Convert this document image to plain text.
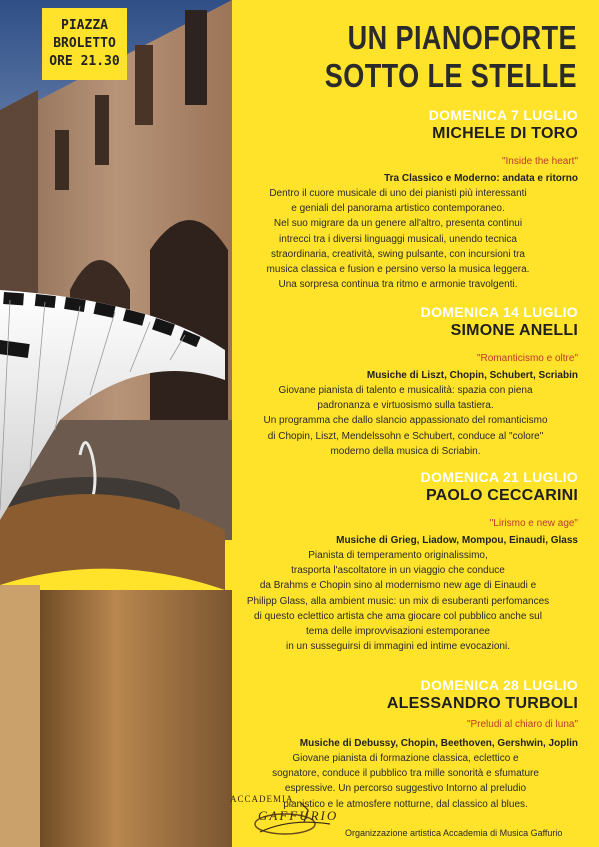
PIAZZA
BROLETTO
ORE 21.30
UN PIANOFORTE
SOTTO LE STELLE
DOMENICA 7 LUGLIO
MICHELE DI TORO
"Inside the heart"
Tra Classico e Moderno: andata e ritorno
Dentro il cuore musicale di uno dei pianisti più interessanti
e geniali del panorama artistico contemporaneo.
Nel suo migrare da un genere all'altro, presenta continui
intrecci tra i diversi linguaggi musicali, unendo tecnica
straordinaria, creatività, swing pulsante, con incursioni tra
musica classica e fusion e persino verso la musica leggera.
Una sorpresa continua tra ritmo e armonie travolgenti.
DOMENICA 14 LUGLIO
SIMONE ANELLI
"Romanticismo e oltre"
Musiche di Liszt, Chopin, Schubert, Scriabin
Giovane pianista di talento e musicalità: spazia con piena
padronanza e virtuosismo sulla tastiera.
Un programma che dallo slancio appassionato del romanticismo
di Chopin, Liszt, Mendelssohn e Schubert, conduce al "colore"
moderno della musica di Scriabin.
DOMENICA 21 LUGLIO
PAOLO CECCARINI
"Lirismo e new age"
Musiche di Grieg, Liadow, Mompou, Einaudi, Glass
Pianista di temperamento originalissimo,
trasporta l'ascoltatore in un viaggio che conduce
da Brahms e Chopin sino al modernismo new age di Einaudi e
Philipp Glass, alla ambient music: un mix di esuberanti perfomances
di questo eclettico artista che ama giocare col pubblico anche sul
tema delle improvvisazioni estemporanee
in un susseguirsi di immagini ed intime evocazioni.
DOMENICA 28 LUGLIO
ALESSANDRO TURBOLI
"Preludi al chiaro di luna"
Musiche di Debussy, Chopin, Beethoven, Gershwin, Joplin
Giovane pianista di formazione classica, eclettico e
sognatore, conduce il pubblico tra mille sonorità e sfumature
espressive. Un percorso suggestivo Intorno al preludio
pianistico e le atmosfere notturne, dal classico al blues.
ACCADEMIA
GAFFURIO
Organizzazione artistica Accademia di Musica Gaffurio
